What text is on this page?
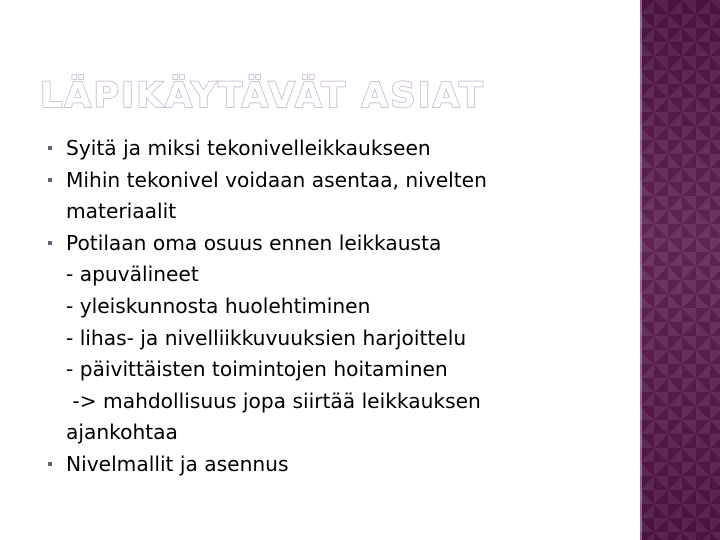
LÄPIKÄYTÄVÄT ASIAT
Syitä ja miksi tekonivelleikkaukseen
Mihin tekonivel voidaan asentaa, nivelten
materiaalit
Potilaan oma osuus ennen leikkausta
- apuvälineet
- yleiskunnosta huolehtiminen
- lihas- ja nivelliikkuvuuksien harjoittelu
- päivittäisten toimintojen hoitaminen
-> mahdollisuus jopa siirtää leikkauksen
ajankohtaa
Nivelmallit ja asennus
